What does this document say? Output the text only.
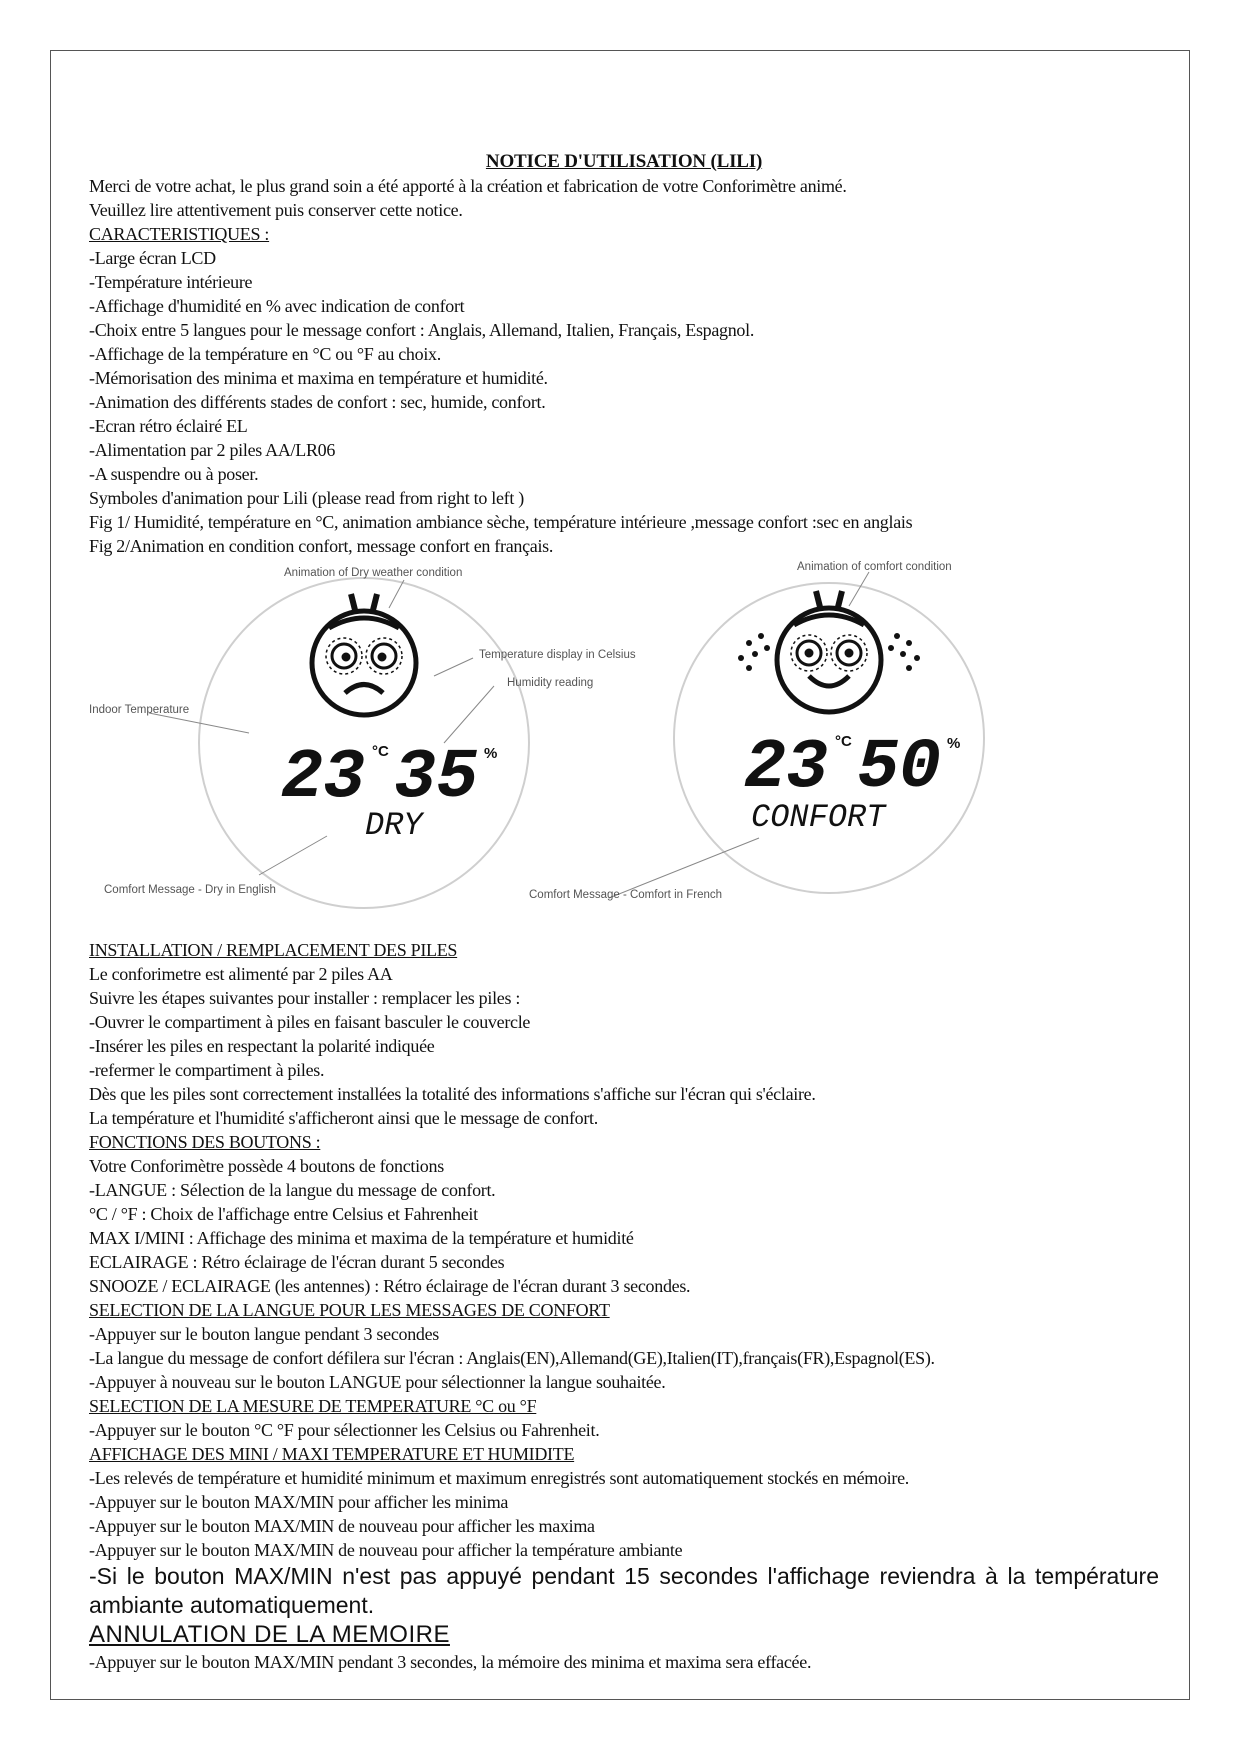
NOTICE D'UTILISATION (LILI)
Merci de votre achat, le plus grand soin a été apporté à la création et fabrication de votre Conforimètre animé.
Veuillez lire attentivement puis conserver cette notice.
CARACTERISTIQUES :
-Large écran LCD
-Température intérieure
-Affichage d'humidité en % avec indication de confort
-Choix entre 5 langues pour le message confort : Anglais, Allemand, Italien, Français, Espagnol.
-Affichage de la température en °C ou °F au choix.
-Mémorisation des minima et maxima en température et humidité.
-Animation des différents stades de confort : sec, humide, confort.
-Ecran rétro éclairé EL
-Alimentation par 2 piles AA/LR06
-A suspendre ou à poser.
Symboles d'animation pour Lili (please read from right to left )
Fig 1/ Humidité, température en °C, animation ambiance sèche, température intérieure ,message confort :sec en anglais
Fig 2/Animation en condition confort, message confort en français.
23 °C 35 %
DRY
Animation of Dry weather condition
Temperature display in Celsius
Humidity reading
Indoor Temperature
Comfort Message - Dry in English
23 °C 50 %
CONFORT
Animation of comfort condition
Comfort Message - Comfort in French
INSTALLATION / REMPLACEMENT DES PILES
Le conforimetre est alimenté par 2 piles AA
Suivre les étapes suivantes pour installer : remplacer les piles :
-Ouvrer le compartiment à piles en faisant basculer le couvercle
-Insérer les piles en respectant la polarité indiquée
-refermer le compartiment à piles.
Dès que les piles sont correctement installées la totalité des informations s'affiche sur l'écran qui s'éclaire.
La température et l'humidité s'afficheront ainsi que le message de confort.
FONCTIONS DES BOUTONS :
Votre Conforimètre possède 4 boutons de fonctions
-LANGUE : Sélection de la langue du message de confort.
°C / °F : Choix de l'affichage entre Celsius et Fahrenheit
MAX I/MINI : Affichage des minima et maxima de la température et humidité
ECLAIRAGE : Rétro éclairage de l'écran durant 5 secondes
SNOOZE / ECLAIRAGE (les antennes) : Rétro éclairage de l'écran durant 3 secondes.
SELECTION DE LA LANGUE POUR LES MESSAGES DE CONFORT
-Appuyer sur le bouton langue pendant 3 secondes
-La langue du message de confort défilera sur l'écran : Anglais(EN),Allemand(GE),Italien(IT),français(FR),Espagnol(ES).
-Appuyer à nouveau sur le bouton LANGUE pour sélectionner la langue souhaitée.
SELECTION DE LA MESURE DE TEMPERATURE °C ou °F
-Appuyer sur le bouton °C °F pour sélectionner les Celsius ou Fahrenheit.
AFFICHAGE DES MINI / MAXI TEMPERATURE ET HUMIDITE
-Les relevés de température et humidité minimum et maximum enregistrés sont automatiquement stockés en mémoire.
-Appuyer sur le bouton MAX/MIN pour afficher les minima
-Appuyer sur le bouton MAX/MIN de nouveau pour afficher les maxima
-Appuyer sur le bouton MAX/MIN de nouveau pour afficher la température ambiante
-Si le bouton MAX/MIN n'est pas appuyé pendant 15 secondes l'affichage reviendra à la température ambiante automatiquement.
ANNULATION DE LA MEMOIRE
-Appuyer sur le bouton MAX/MIN pendant 3 secondes, la mémoire des minima et maxima sera effacée.
